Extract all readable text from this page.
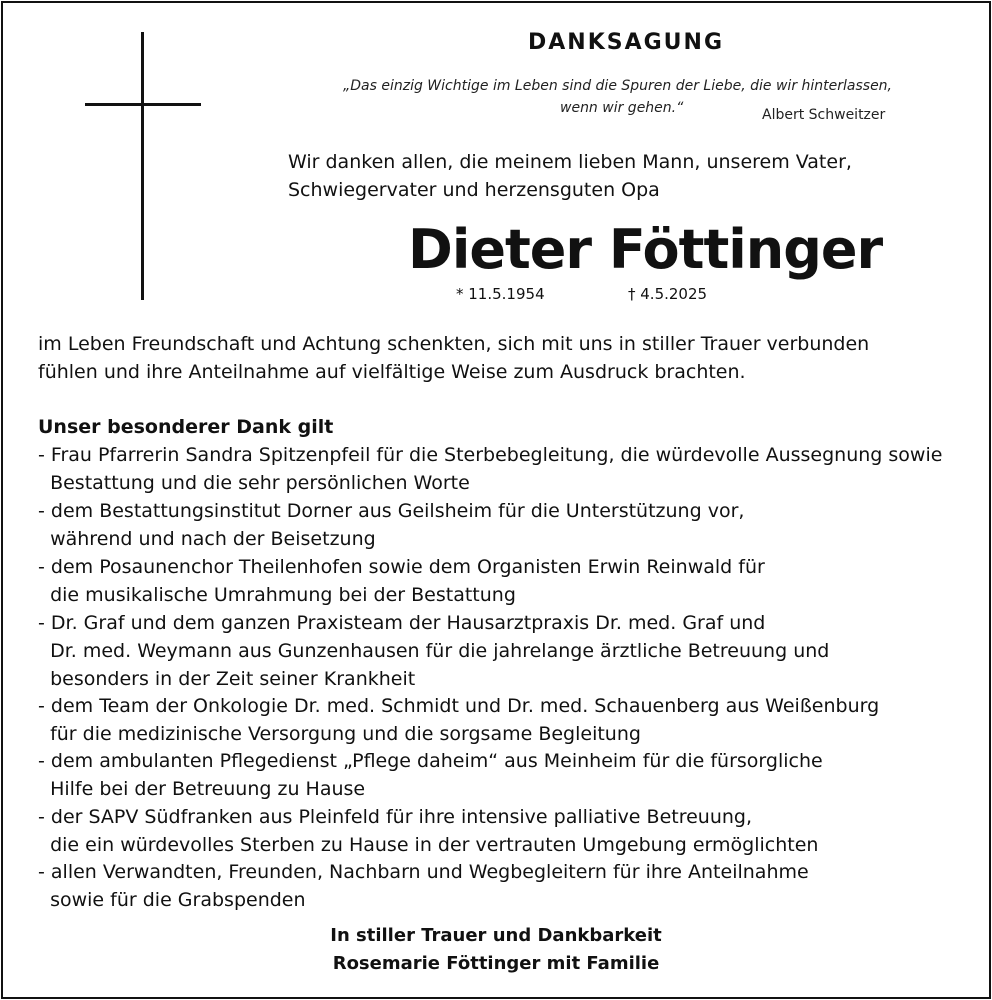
DANKSAGUNG
„Das einzig Wichtige im Leben sind die Spuren der Liebe, die wir hinterlassen,
wenn wir gehen.“	Albert Schweitzer
Wir danken allen, die meinem lieben Mann, unserem Vater,
Schwiegervater und herzensguten Opa
Dieter Föttinger
* 11.5.1954	† 4.5.2025
im Leben Freundschaft und Achtung schenkten, sich mit uns in stiller Trauer verbunden
fühlen und ihre Anteilnahme auf vielfältige Weise zum Ausdruck brachten.
Unser besonderer Dank gilt
- Frau Pfarrerin Sandra Spitzenpfeil für die Sterbebegleitung, die würdevolle Aussegnung sowie
Bestattung und die sehr persönlichen Worte
- dem Bestattungsinstitut Dorner aus Geilsheim für die Unterstützung vor,
während und nach der Beisetzung
- dem Posaunenchor Theilenhofen sowie dem Organisten Erwin Reinwald für
die musikalische Umrahmung bei der Bestattung
- Dr. Graf und dem ganzen Praxisteam der Hausarztpraxis Dr. med. Graf und
Dr. med. Weymann aus Gunzenhausen für die jahrelange ärztliche Betreuung und
besonders in der Zeit seiner Krankheit
- dem Team der Onkologie Dr. med. Schmidt und Dr. med. Schauenberg aus Weißenburg
für die medizinische Versorgung und die sorgsame Begleitung
- dem ambulanten Pflegedienst „Pflege daheim“ aus Meinheim für die fürsorgliche
Hilfe bei der Betreuung zu Hause
- der SAPV Südfranken aus Pleinfeld für ihre intensive palliative Betreuung,
die ein würdevolles Sterben zu Hause in der vertrauten Umgebung ermöglichten
- allen Verwandten, Freunden, Nachbarn und Wegbegleitern für ihre Anteilnahme
sowie für die Grabspenden
In stiller Trauer und Dankbarkeit
Rosemarie Föttinger mit Familie
